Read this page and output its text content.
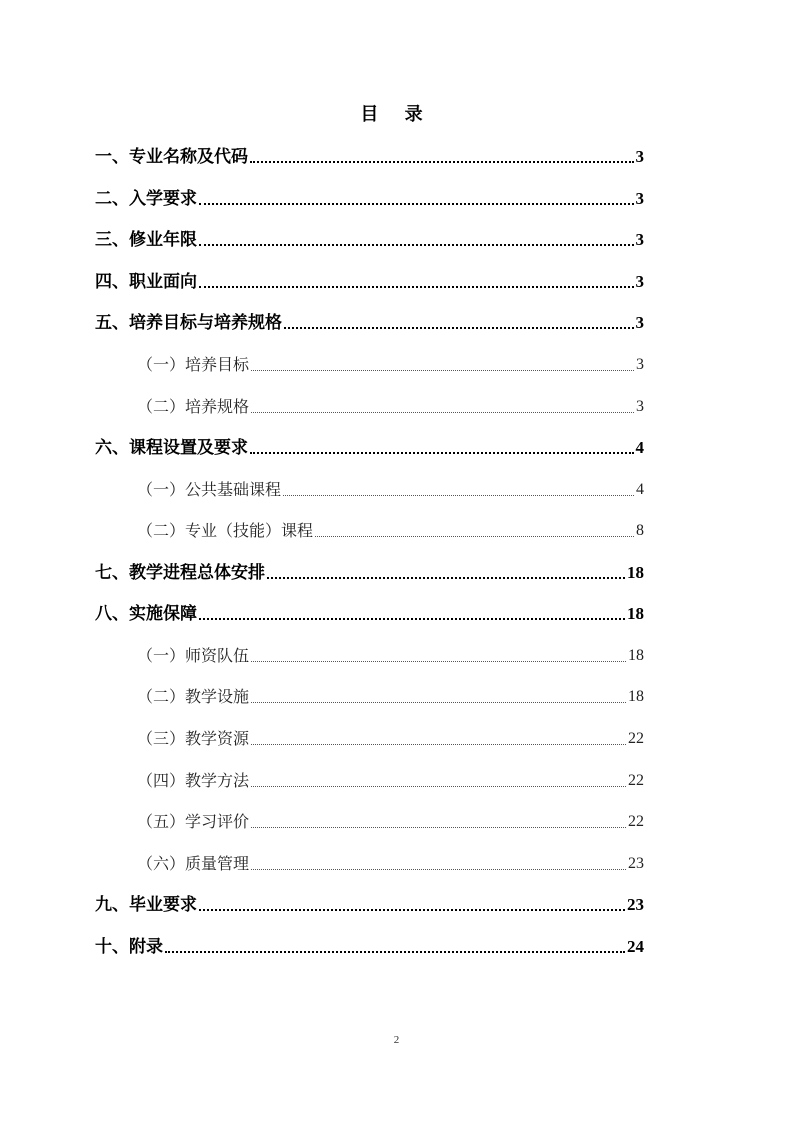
目 录
一、专业名称及代码	3
二、入学要求	3
三、修业年限	3
四、职业面向	3
五、培养目标与培养规格	3
（一）培养目标	3
（二）培养规格	3
六、课程设置及要求	4
（一）公共基础课程	4
（二）专业（技能）课程	8
七、教学进程总体安排	18
八、实施保障	18
（一）师资队伍	18
（二）教学设施	18
（三）教学资源	22
（四）教学方法	22
（五）学习评价	22
（六）质量管理	23
九、毕业要求	23
十、附录	24
2
